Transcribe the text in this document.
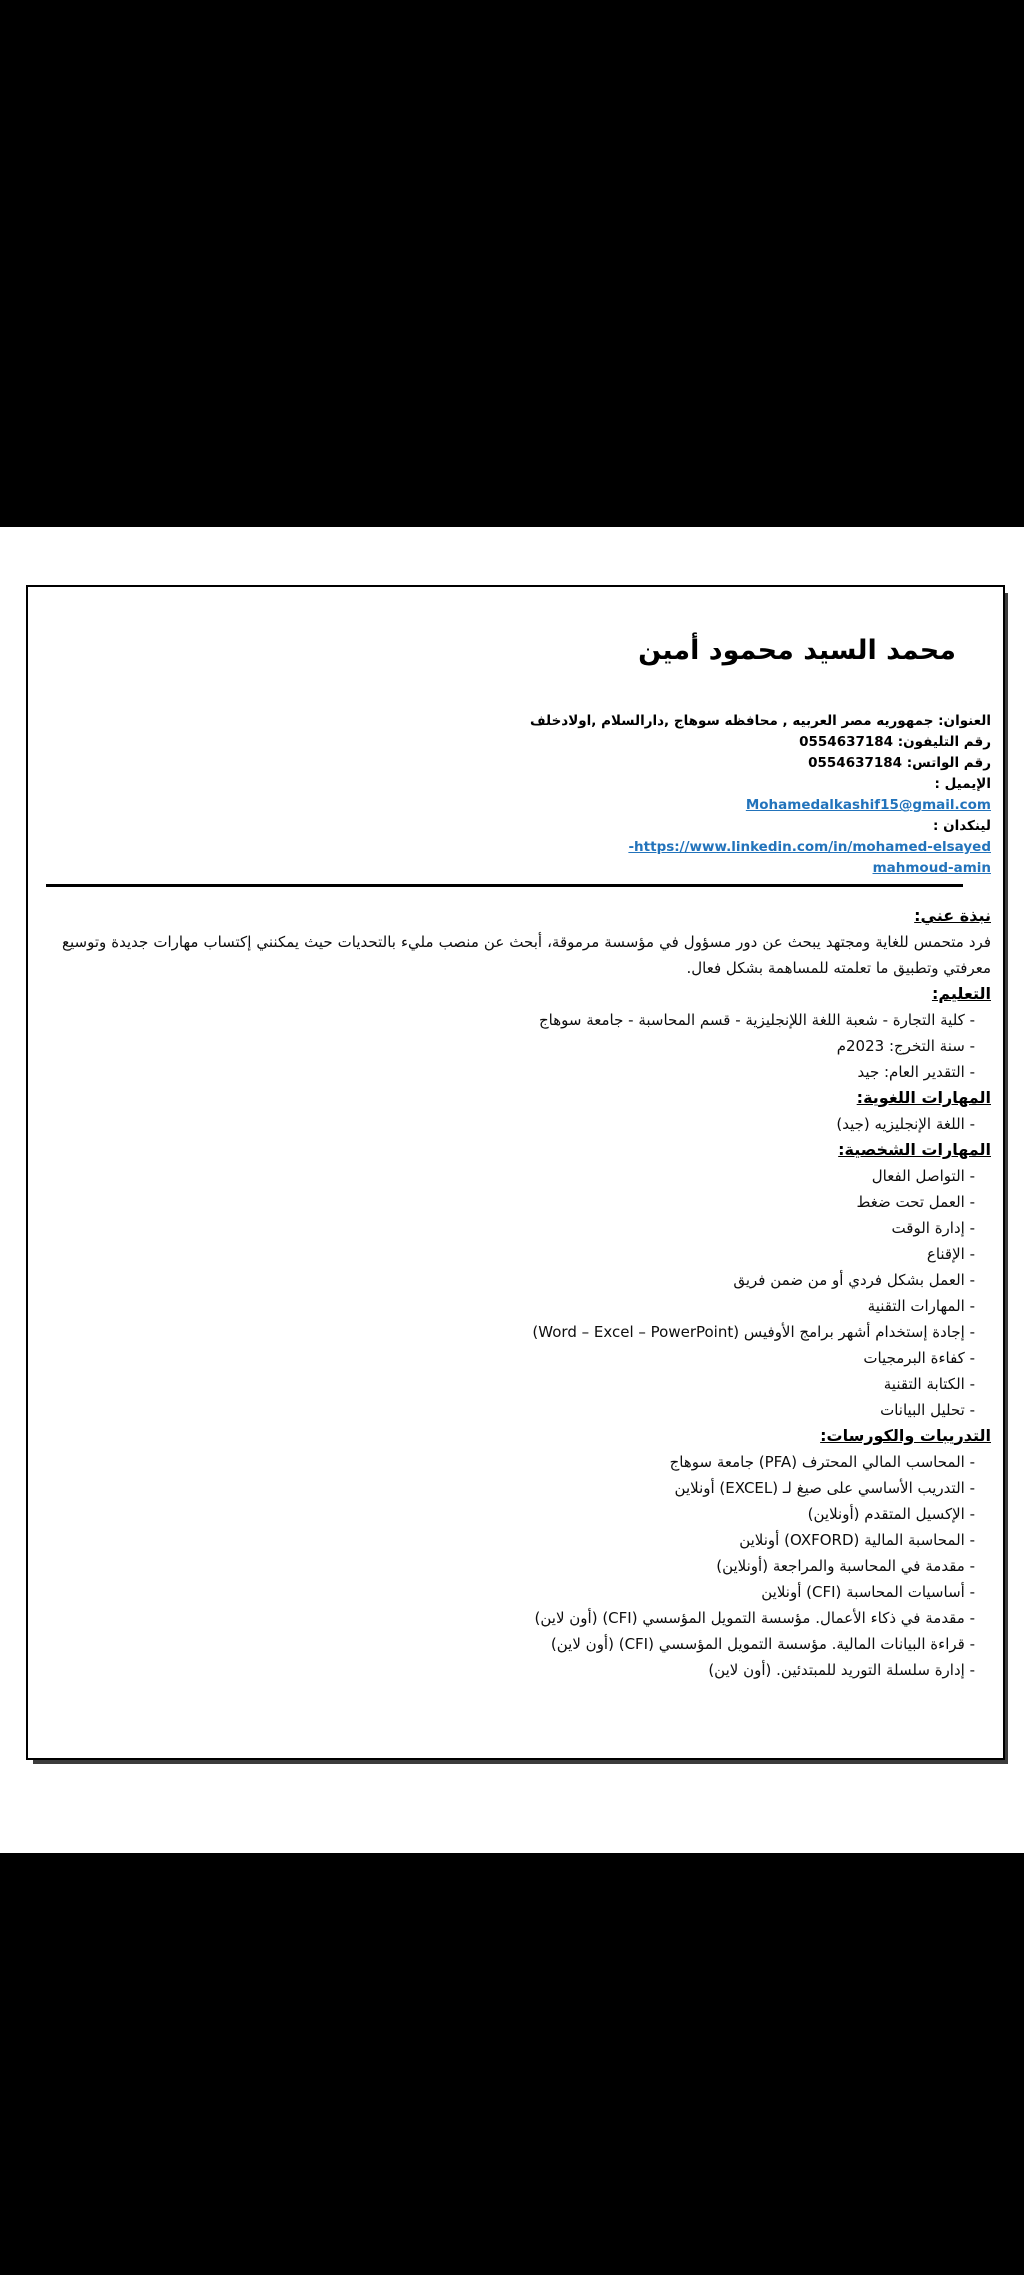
محمد السيد محمود أمين
العنوان: جمهوريه مصر العربيه , محافظه سوهاج ,دارالسلام ,اولادخلف
رقم التليفون: 0554637184
رقم الواتس: 0554637184
الإيميل :
Mohamedalkashif15@gmail.com
لينكدان :
https://www.linkedin.com/in/mohamed-elsayed-
mahmoud-amin
نبذة عني:
فرد متحمس للغاية ومجتهد يبحث عن دور مسؤول في مؤسسة مرموقة، أبحث عن منصب مليء بالتحديات حيث يمكنني إكتساب مهارات جديدة وتوسيع معرفتي وتطبيق ما تعلمته للمساهمة بشكل فعال.
التعليم:
- كلية التجارة - شعبة اللغة اللإنجليزية - قسم المحاسبة - جامعة سوهاج
- سنة التخرج: 2023م
- التقدير العام: جيد
المهارات اللغوية:
- اللغة الإنجليزيه (جيد)
المهارات الشخصية:
- التواصل الفعال
- العمل تحت ضغط
- إدارة الوقت
- الإقناع
- العمل بشكل فردي أو من ضمن فريق
- المهارات التقنية
- إجادة إستخدام أشهر برامج الأوفيس (Word – Excel – PowerPoint)
- كفاءة البرمجيات
- الكتابة التقنية
- تحليل البيانات
التدريبات والكورسات:
- المحاسب المالي المحترف (PFA) جامعة سوهاج
- التدريب الأساسي على صيغ لـ (EXCEL) أونلاين
- الإكسيل المتقدم (أونلاين)
- المحاسبة المالية (OXFORD) أونلاين
- مقدمة في المحاسبة والمراجعة (أونلاين)
- أساسيات المحاسبة (CFI) أونلاين
- مقدمة في ذكاء الأعمال. مؤسسة التمويل المؤسسي (CFI) (أون لاين)
- قراءة البيانات المالية. مؤسسة التمويل المؤسسي (CFI) (أون لاين)
- إدارة سلسلة التوريد للمبتدئين. (أون لاين)
